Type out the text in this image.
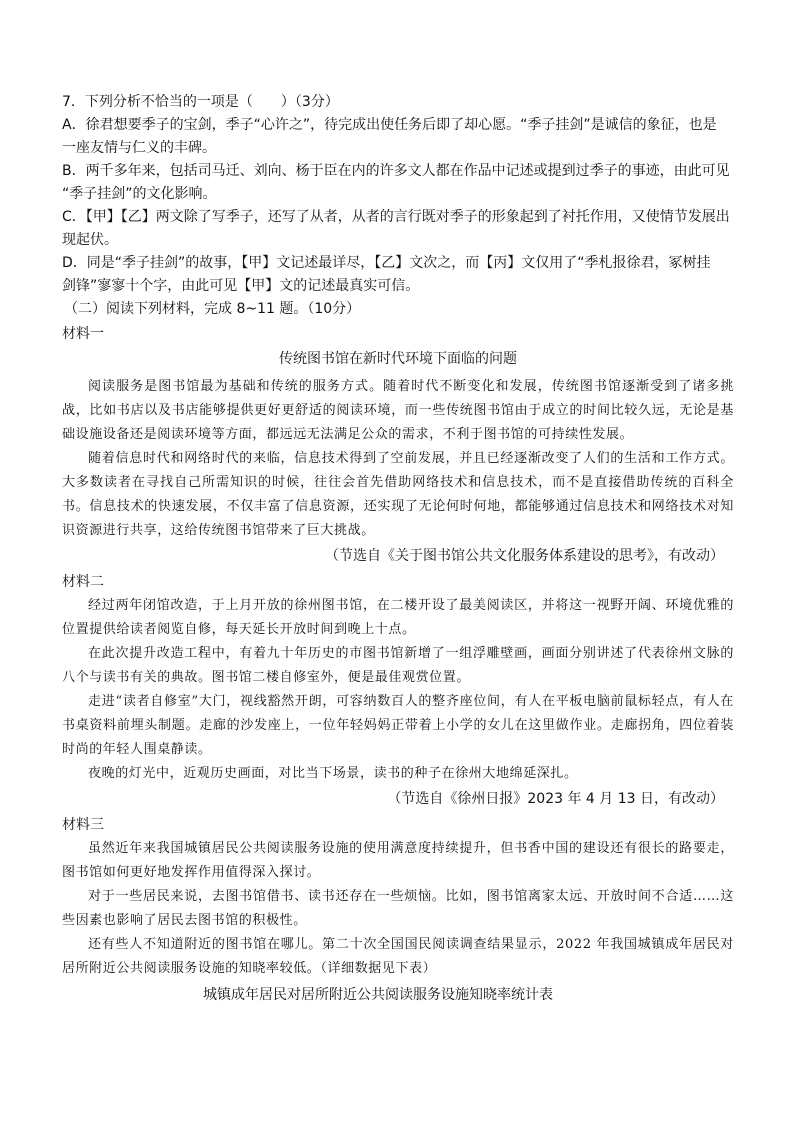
7．下列分析不恰当的一项是（　　）（3分）
A．徐君想要季子的宝剑，季子“心许之”，待完成出使任务后即了却心愿。“季子挂剑”是诚信的象征，也是
一座友情与仁义的丰碑。
B．两千多年来，包括司马迁、刘向、杨于臣在内的许多文人都在作品中记述或提到过季子的事迹，由此可见
“季子挂剑”的文化影响。
C．【甲】【乙】两文除了写季子，还写了从者，从者的言行既对季子的形象起到了衬托作用，又使情节发展出
现起伏。
D．同是“季子挂剑”的故事，【甲】文记述最详尽，【乙】文次之，而【丙】文仅用了“季札报徐君，冢树挂
剑锋”寥寥十个字，由此可见【甲】文的记述最真实可信。
（二）阅读下列材料，完成 8~11 题。（10分）
材料一
传统图书馆在新时代环境下面临的问题
阅读服务是图书馆最为基础和传统的服务方式。随着时代不断变化和发展，传统图书馆逐渐受到了诸多挑战，比如书店以及书店能够提供更好更舒适的阅读环境，而一些传统图书馆由于成立的时间比较久远，无论是基础设施设备还是阅读环境等方面，都远远无法满足公众的需求，不利于图书馆的可持续性发展。
随着信息时代和网络时代的来临，信息技术得到了空前发展，并且已经逐渐改变了人们的生活和工作方式。大多数读者在寻找自己所需知识的时候，往往会首先借助网络技术和信息技术，而不是直接借助传统的百科全书。信息技术的快速发展，不仅丰富了信息资源，还实现了无论何时何地，都能够通过信息技术和网络技术对知识资源进行共享，这给传统图书馆带来了巨大挑战。
（节选自《关于图书馆公共文化服务体系建设的思考》，有改动）
材料二
经过两年闭馆改造，于上月开放的徐州图书馆，在二楼开设了最美阅读区，并将这一视野开阔、环境优雅的位置提供给读者阅览自修，每天延长开放时间到晚上十点。
在此次提升改造工程中，有着九十年历史的市图书馆新增了一组浮雕壁画，画面分别讲述了代表徐州文脉的八个与读书有关的典故。图书馆二楼自修室外，便是最佳观赏位置。
走进“读者自修室”大门，视线豁然开朗，可容纳数百人的整齐座位间，有人在平板电脑前鼠标轻点，有人在书桌资料前埋头制题。走廊的沙发座上，一位年轻妈妈正带着上小学的女儿在这里做作业。走廊拐角，四位着装时尚的年轻人围桌静读。
夜晚的灯光中，近观历史画面，对比当下场景，读书的种子在徐州大地绵延深扎。
（节选自《徐州日报》2023 年 4 月 13 日，有改动）
材料三
虽然近年来我国城镇居民公共阅读服务设施的使用满意度持续提升，但书香中国的建设还有很长的路要走，图书馆如何更好地发挥作用值得深入探讨。
对于一些居民来说，去图书馆借书、读书还存在一些烦恼。比如，图书馆离家太远、开放时间不合适……这些因素也影响了居民去图书馆的积极性。
还有些人不知道附近的图书馆在哪儿。第二十次全国国民阅读调查结果显示，2022 年我国城镇成年居民对居所附近公共阅读服务设施的知晓率较低。（详细数据见下表）
城镇成年居民对居所附近公共阅读服务设施知晓率统计表
